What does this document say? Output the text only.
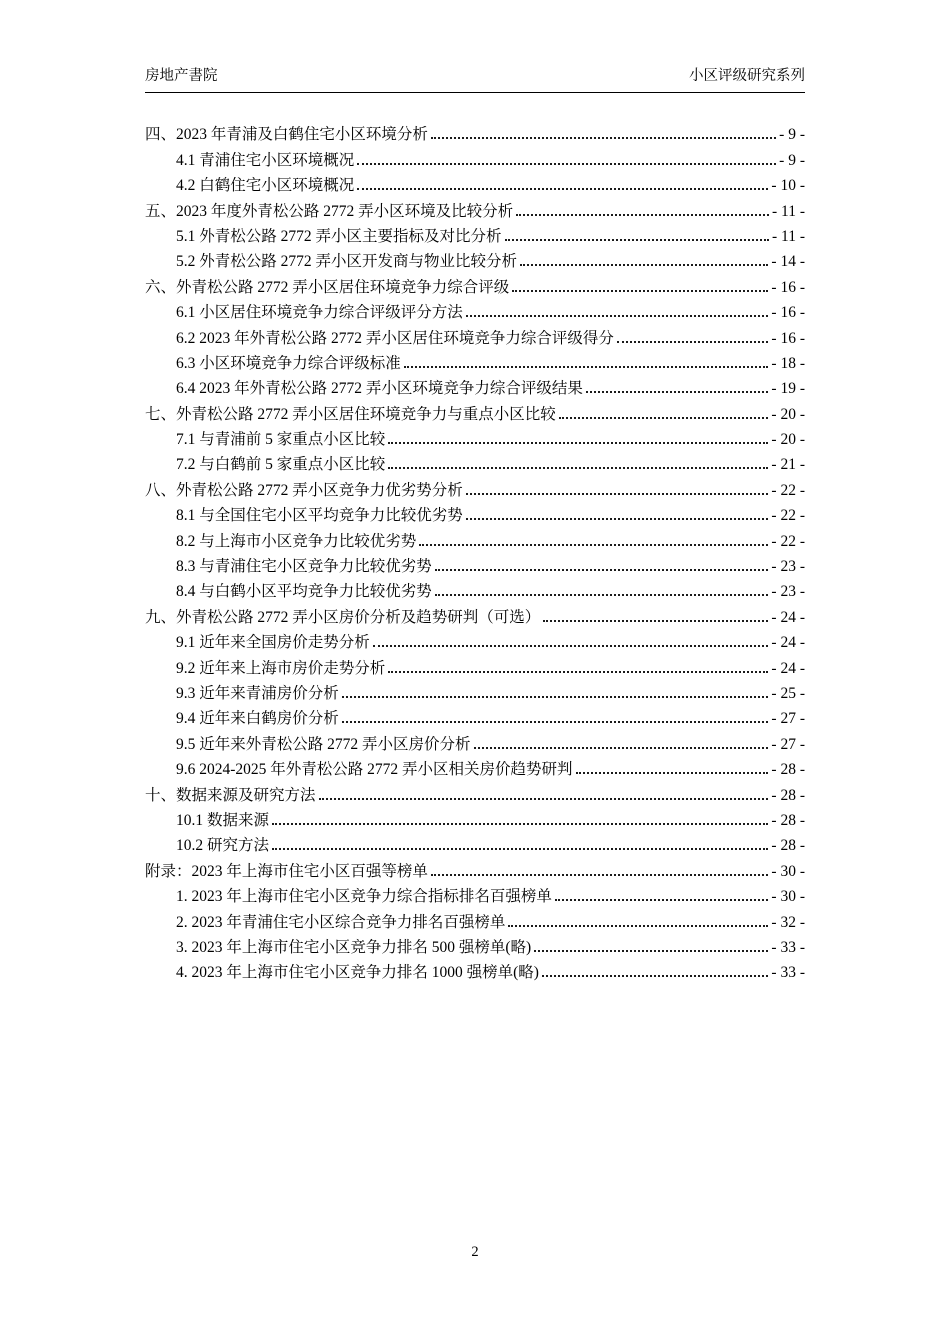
房地产書院	小区评级研究系列
四、2023 年青浦及白鹤住宅小区环境分析	- 9 -
4.1 青浦住宅小区环境概况	- 9 -
4.2 白鹤住宅小区环境概况	- 10 -
五、2023 年度外青松公路 2772 弄小区环境及比较分析	- 11 -
5.1 外青松公路 2772 弄小区主要指标及对比分析	- 11 -
5.2 外青松公路 2772 弄小区开发商与物业比较分析	- 14 -
六、外青松公路 2772 弄小区居住环境竞争力综合评级	- 16 -
6.1 小区居住环境竞争力综合评级评分方法	- 16 -
6.2 2023 年外青松公路 2772 弄小区居住环境竞争力综合评级得分	- 16 -
6.3 小区环境竞争力综合评级标准	- 18 -
6.4 2023 年外青松公路 2772 弄小区环境竞争力综合评级结果	- 19 -
七、外青松公路 2772 弄小区居住环境竞争力与重点小区比较	- 20 -
7.1 与青浦前 5 家重点小区比较	- 20 -
7.2 与白鹤前 5 家重点小区比较	- 21 -
八、外青松公路 2772 弄小区竞争力优劣势分析	- 22 -
8.1 与全国住宅小区平均竞争力比较优劣势	- 22 -
8.2 与上海市小区竞争力比较优劣势	- 22 -
8.3 与青浦住宅小区竞争力比较优劣势	- 23 -
8.4 与白鹤小区平均竞争力比较优劣势	- 23 -
九、外青松公路 2772 弄小区房价分析及趋势研判（可选）	- 24 -
9.1 近年来全国房价走势分析	- 24 -
9.2 近年来上海市房价走势分析	- 24 -
9.3 近年来青浦房价分析	- 25 -
9.4 近年来白鹤房价分析	- 27 -
9.5 近年来外青松公路 2772 弄小区房价分析	- 27 -
9.6 2024-2025 年外青松公路 2772 弄小区相关房价趋势研判	- 28 -
十、数据来源及研究方法	- 28 -
10.1 数据来源	- 28 -
10.2 研究方法	- 28 -
附录：2023 年上海市住宅小区百强等榜单	- 30 -
1. 2023 年上海市住宅小区竞争力综合指标排名百强榜单	- 30 -
2. 2023 年青浦住宅小区综合竞争力排名百强榜单	- 32 -
3. 2023 年上海市住宅小区竞争力排名 500 强榜单(略)	- 33 -
4. 2023 年上海市住宅小区竞争力排名 1000 强榜单(略)	- 33 -
2
